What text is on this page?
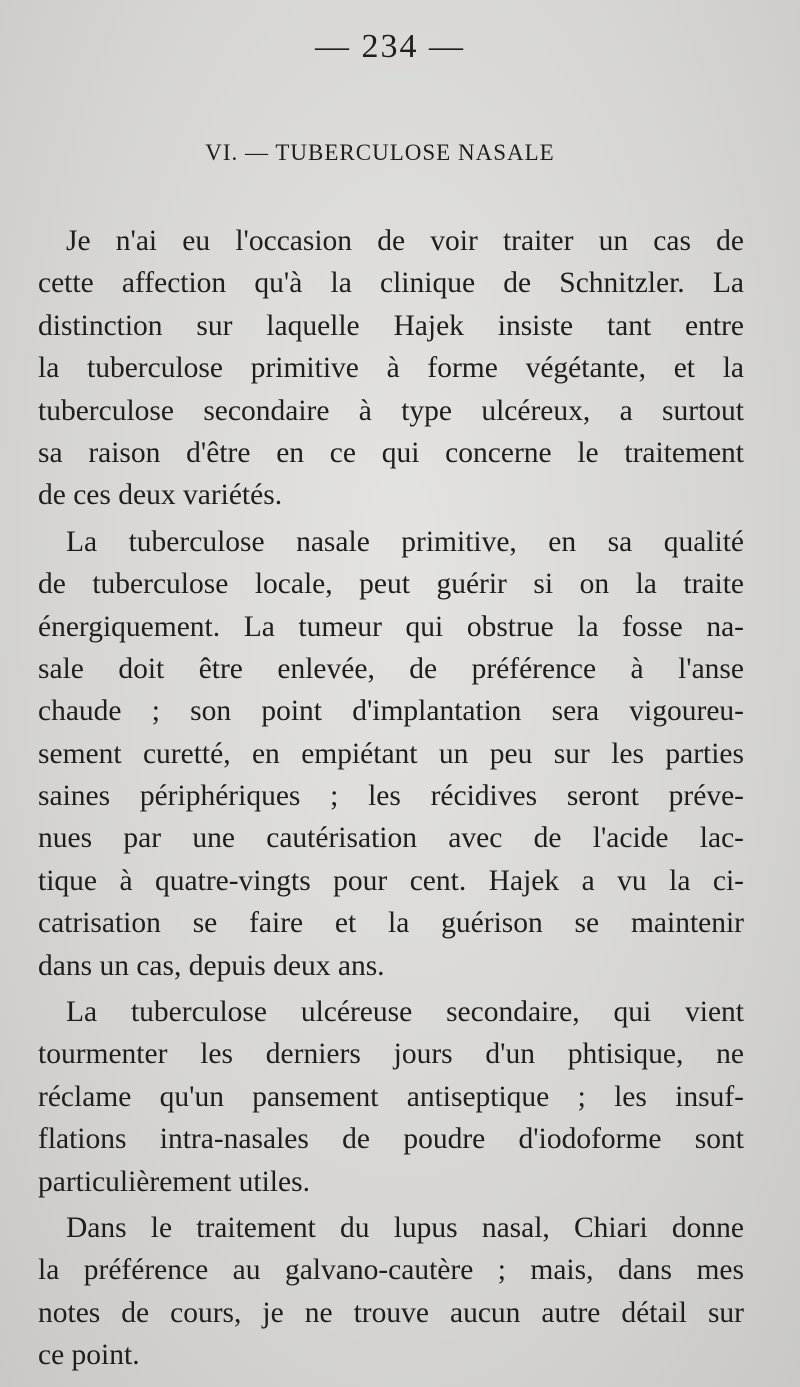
— 234 —
VI. — TUBERCULOSE NASALE

Je n'ai eu l'occasion de voir traiter un cas de
cette affection qu'à la clinique de Schnitzler. La
distinction sur laquelle Hajek insiste tant entre
la tuberculose primitive à forme végétante, et la
tuberculose secondaire à type ulcéreux, a surtout
sa raison d'être en ce qui concerne le traitement
de ces deux variétés.

La tuberculose nasale primitive, en sa qualité
de tuberculose locale, peut guérir si on la traite
énergiquement. La tumeur qui obstrue la fosse na-
sale doit être enlevée, de préférence à l'anse
chaude ; son point d'implantation sera vigoureu-
sement curetté, en empiétant un peu sur les parties
saines périphériques ; les récidives seront préve-
nues par une cautérisation avec de l'acide lac-
tique à quatre-vingts pour cent. Hajek a vu la ci-
catrisation se faire et la guérison se maintenir
dans un cas, depuis deux ans.

La tuberculose ulcéreuse secondaire, qui vient
tourmenter les derniers jours d'un phtisique, ne
réclame qu'un pansement antiseptique ; les insuf-
flations intra-nasales de poudre d'iodoforme sont
particulièrement utiles.

Dans le traitement du lupus nasal, Chiari donne
la préférence au galvano-cautère ; mais, dans mes
notes de cours, je ne trouve aucun autre détail sur
ce point.
